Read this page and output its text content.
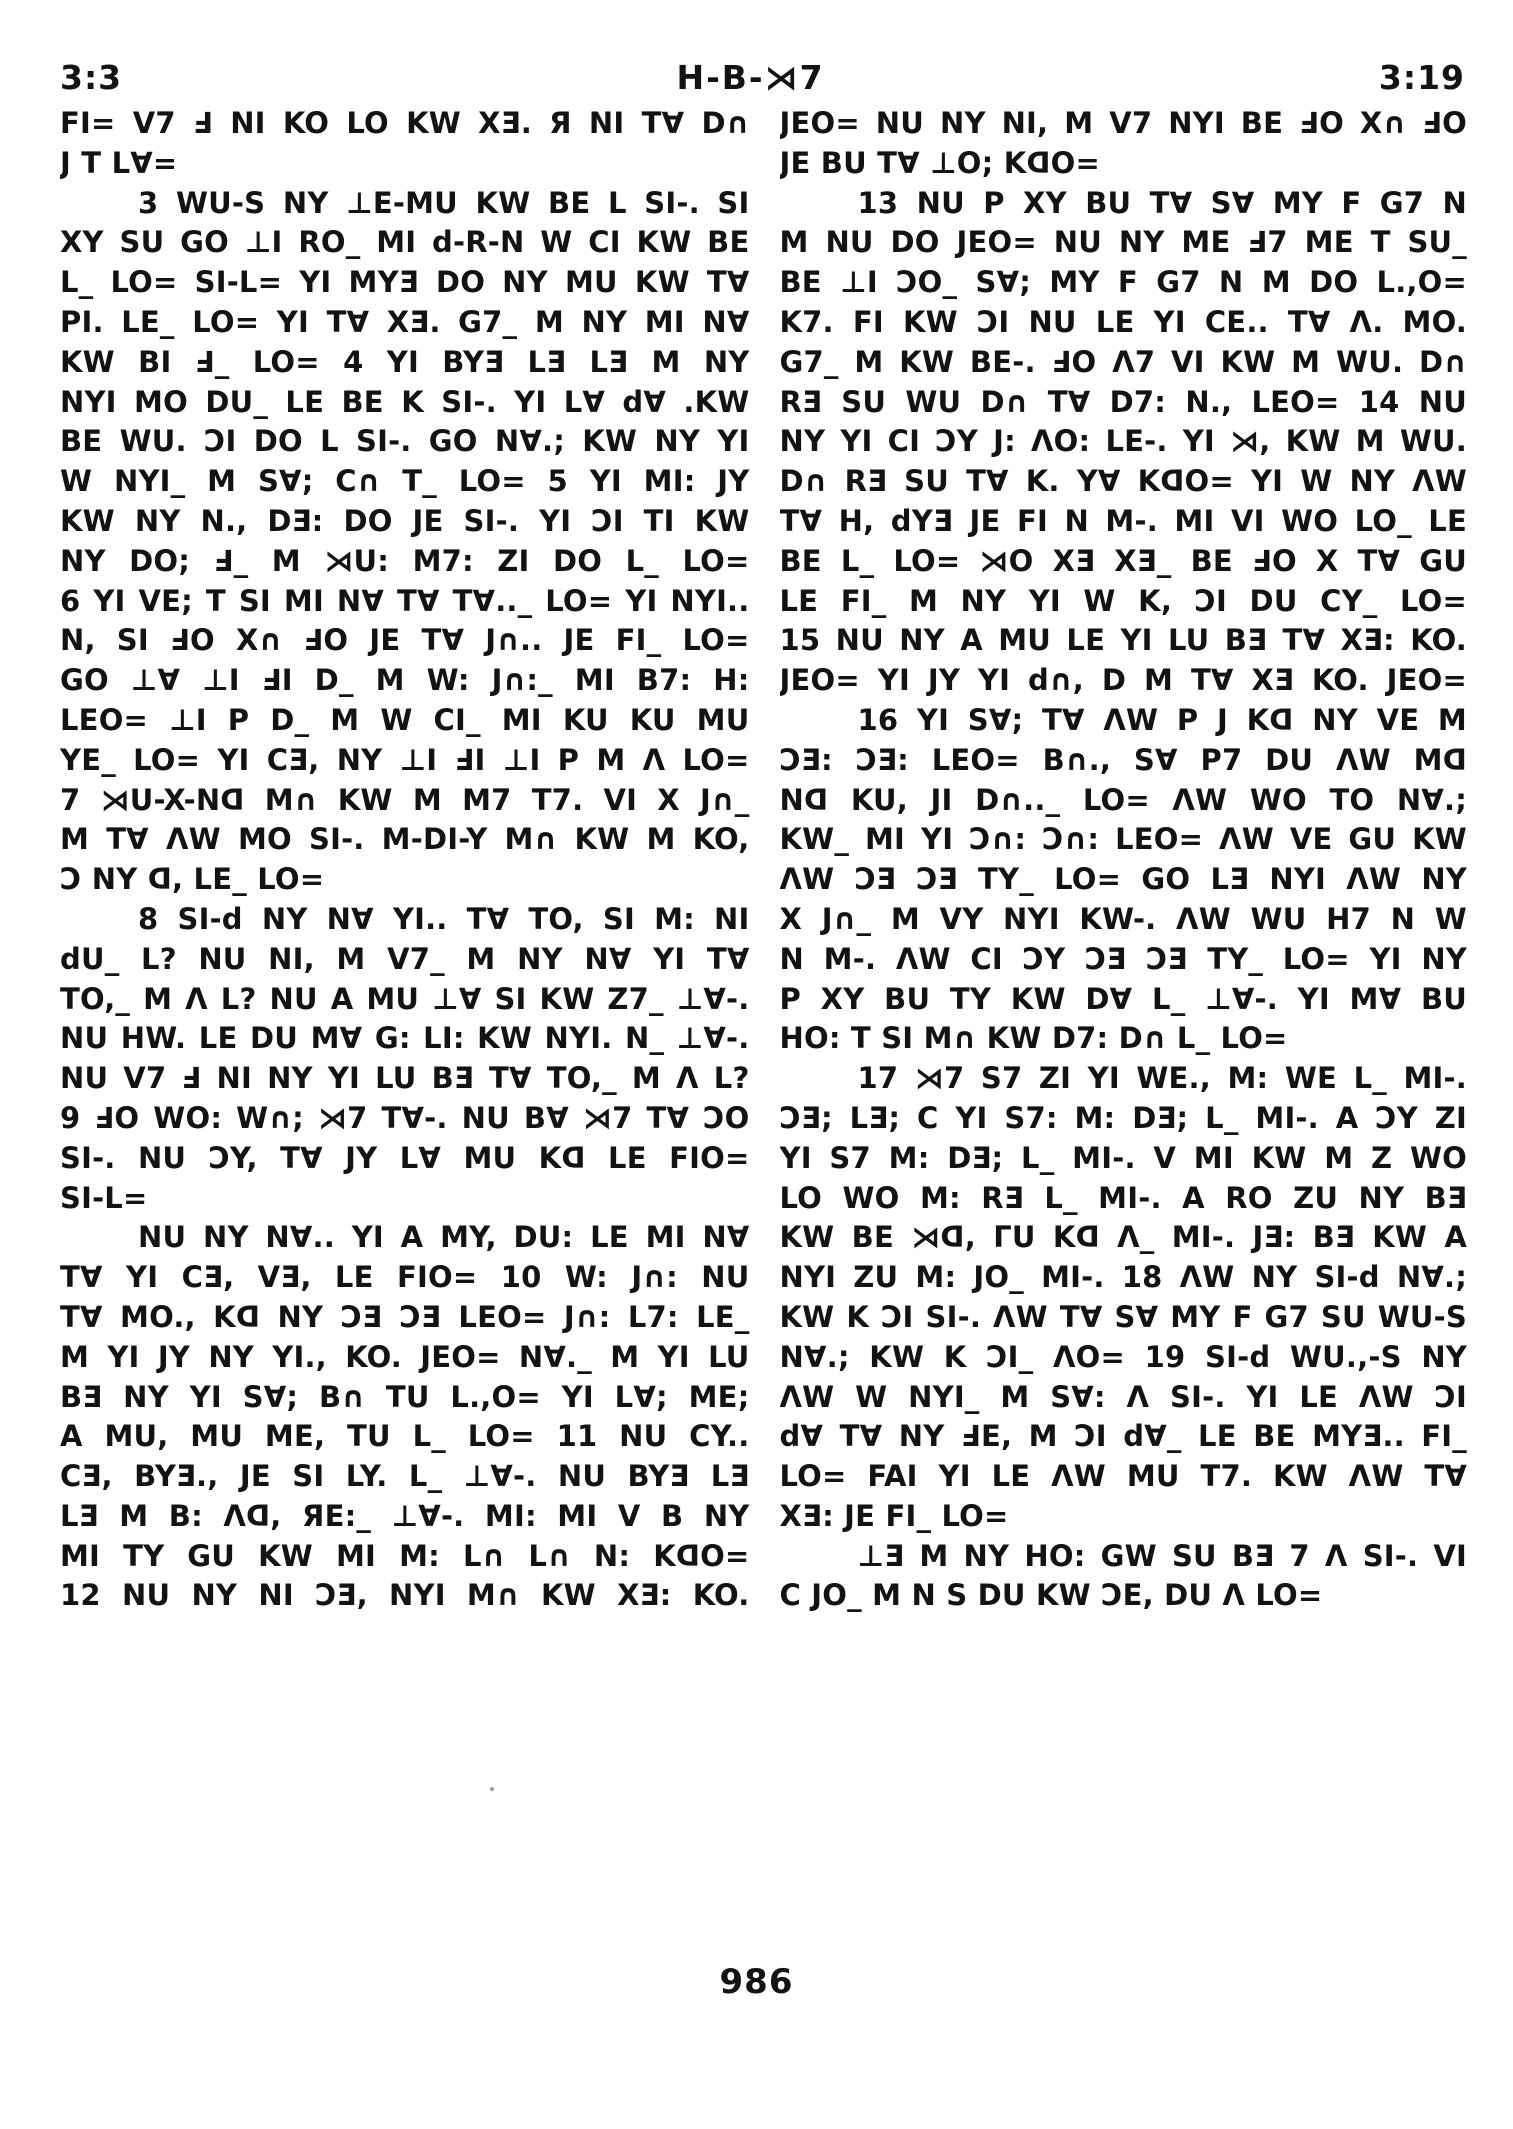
3:3	H-B-⋊7	3:19
FI= V7 Ⅎ NI KO LO KW XƎ. Я NI T∀ D∩
J T L∀=
3 WU-S NY ⊥E-MU KW BE L SI-. SI
XY SU GO ⊥I RO_ MI d-R-N W CI KW BE
L_ LO= SI-L= YI MYƎ DO NY MU KW T∀
PI. LE_ LO= YI T∀ XƎ. G7_ M NY MI N∀
KW BI Ⅎ_ LO= 4 YI BYƎ LƎ LƎ M NY
NYI MO DU_ LE BE K SI-. YI L∀ d∀ .KW
BE WU. ƆI DO L SI-. GO N∀.; KW NY YI
W NYI_ M S∀; C∩ T_ LO= 5 YI MI: JY
KW NY N., DƎ: DO JE SI-. YI ƆI TI KW
NY DO; Ⅎ_ M ⋊U: M7: ZI DO L_ LO=
6 YI VE; T SI MI N∀ T∀ T∀.._ LO= YI NYI..
N, SI ℲO X∩ ℲO JE T∀ J∩.. JE FI_ LO=
GO ⊥∀ ⊥I ℲI D_ M W: J∩:_ MI B7: H:
LEO= ⊥I P D_ M W CI_ MI KU KU MU
YE_ LO= YI CƎ, NY ⊥I ℲI ⊥I P M Λ LO=
7 ⋊U-X-Nᗡ M∩ KW M M7 T7. VI X J∩_
M T∀ ΛW MO SI-. M-DI-Y M∩ KW M KO,
Ɔ NY ᗡ, LE_ LO=
8 SI-d NY N∀ YI.. T∀ TO, SI M: NI
dU_ L? NU NI, M V7_ M NY N∀ YI T∀
TO,_ M Λ L? NU A MU ⊥∀ SI KW Z7_ ⊥∀-.
NU HW. LE DU M∀ G: LI: KW NYI. N_ ⊥∀-.
NU V7 Ⅎ NI NY YI LU BƎ T∀ TO,_ M Λ L?
9 ℲO WO: W∩; ⋊7 T∀-. NU B∀ ⋊7 T∀ ƆO
SI-. NU ƆY, T∀ JY L∀ MU Kᗡ LE FIO=
SI-L=
NU NY N∀.. YI A MY, DU: LE MI N∀
T∀ YI CƎ, VƎ, LE FIO= 10 W: J∩: NU
T∀ MO., Kᗡ NY ƆƎ ƆƎ LEO= J∩: L7: LE_
M YI JY NY YI., KO. JEO= N∀._ M YI LU
BƎ NY YI S∀; B∩ TU L.,O= YI L∀; ME;
A MU, MU ME, TU L_ LO= 11 NU CY..
CƎ, BYƎ., JE SI LY. L_ ⊥∀-. NU BYƎ LƎ
LƎ M B: Λᗡ, ЯE:_ ⊥∀-. MI: MI V B NY
MI TY GU KW MI M: L∩ L∩ N: KᗡO=
12 NU NY NI ƆƎ, NYI M∩ KW XƎ: KO.
JEO= NU NY NI, M V7 NYI BE ℲO X∩ ℲO
JE BU T∀ ⊥O; KᗡO=
13 NU P XY BU T∀ S∀ MY F G7 N
M NU DO JEO= NU NY ME Ⅎ7 ME T SU_
BE ⊥I ƆO_ S∀; MY F G7 N M DO L.,O=
K7. FI KW ƆI NU LE YI CE.. T∀ Λ. MO.
G7_ M KW BE-. ℲO Λ7 VI KW M WU. D∩
RƎ SU WU D∩ T∀ D7: N., LEO= 14 NU
NY YI CI ƆY J: ΛO: LE-. YI ⋊, KW M WU.
D∩ RƎ SU T∀ K. Y∀ KᗡO= YI W NY ΛW
T∀ H, dYƎ JE FI N M-. MI VI WO LO_ LE
BE L_ LO= ⋊O XƎ XƎ_ BE ℲO X T∀ GU
LE FI_ M NY YI W K, ƆI DU CY_ LO=
15 NU NY A MU LE YI LU BƎ T∀ XƎ: KO.
JEO= YI JY YI d∩, D M T∀ XƎ KO. JEO=
16 YI S∀; T∀ ΛW P J Kᗡ NY VE M
ƆƎ: ƆƎ: LEO= B∩., S∀ P7 DU ΛW Mᗡ
Nᗡ KU, JI D∩.._ LO= ΛW WO TO N∀.;
KW_ MI YI Ɔ∩: Ɔ∩: LEO= ΛW VE GU KW
ΛW ƆƎ ƆƎ TY_ LO= GO LƎ NYI ΛW NY
X J∩_ M VY NYI KW-. ΛW WU H7 N W
N M-. ΛW CI ƆY ƆƎ ƆƎ TY_ LO= YI NY
P XY BU TY KW D∀ L_ ⊥∀-. YI M∀ BU
HO: T SI M∩ KW D7: D∩ L_ LO=
17 ⋊7 S7 ZI YI WE., M: WE L_ MI-.
ƆƎ; LƎ; C YI S7: M: DƎ; L_ MI-. A ƆY ZI
YI S7 M: DƎ; L_ MI-. V MI KW M Z WO
LO WO M: RƎ L_ MI-. A RO ZU NY BƎ
KW BE ⋊ᗡ, ΓU Kᗡ Λ_ MI-. JƎ: BƎ KW A
NYI ZU M: JO_ MI-. 18 ΛW NY SI-d N∀.;
KW K ƆI SI-. ΛW T∀ S∀ MY F G7 SU WU-S
N∀.; KW K ƆI_ ΛO= 19 SI-d WU.,-S NY
ΛW W NYI_ M S∀: Λ SI-. YI LE ΛW ƆI
d∀ T∀ NY ℲE, M ƆI d∀_ LE BE MYƎ.. FI_
LO= FAI YI LE ΛW MU T7. KW ΛW T∀
XƎ: JE FI_ LO=
⊥Ǝ M NY HO: GW SU BƎ 7 Λ SI-. VI
C JO_ M N S DU KW ƆE, DU Λ LO=
986
